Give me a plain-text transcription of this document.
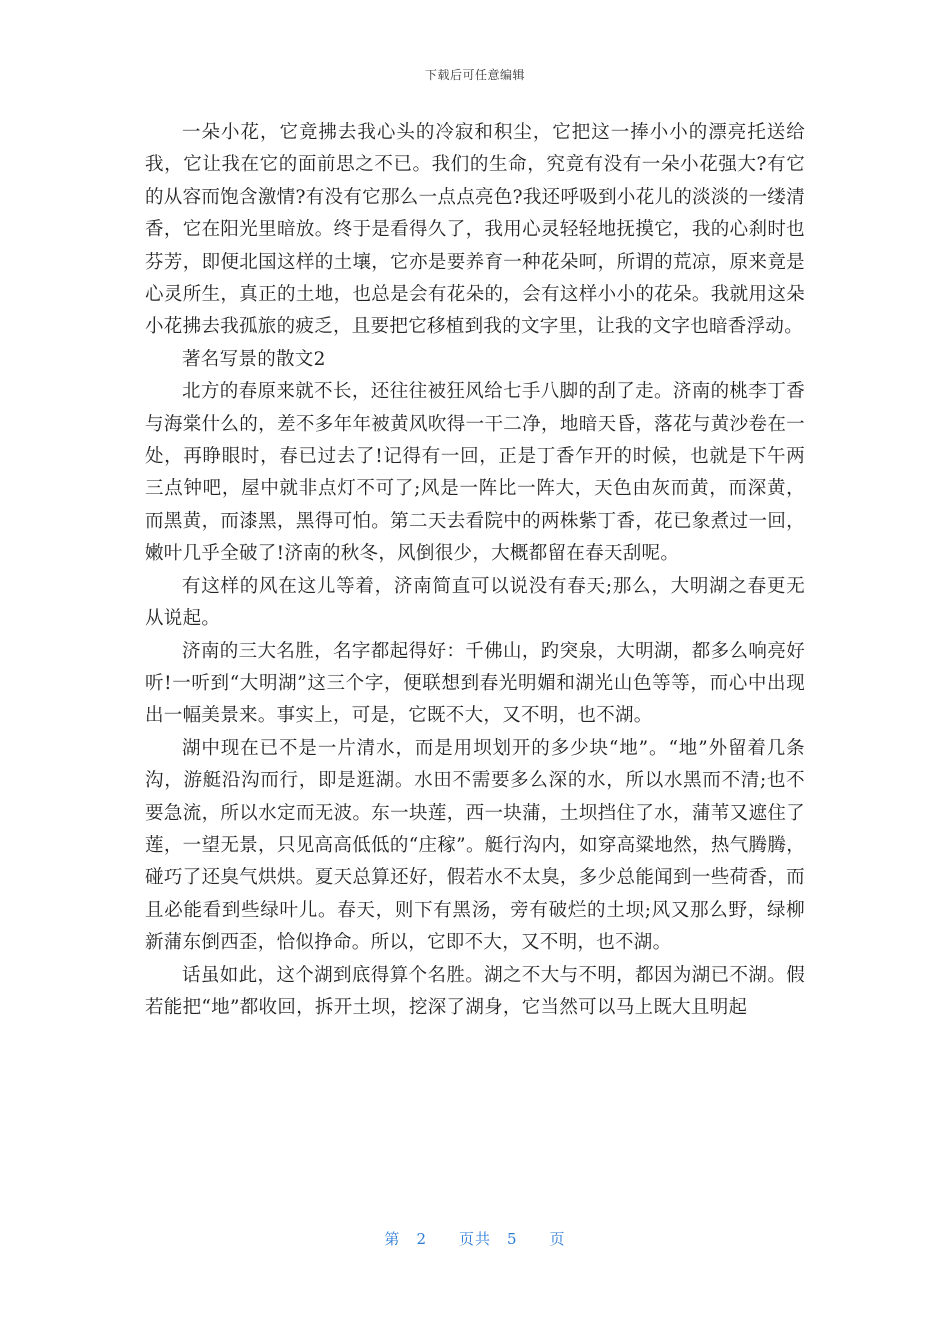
下载后可任意编辑

一朵小花，它竟拂去我心头的冷寂和积尘，它把这一捧小小的漂亮托送给我，它让我在它的面前思之不已。我们的生命，究竟有没有一朵小花强大?有它的从容而饱含激情?有没有它那么一点点亮色?我还呼吸到小花儿的淡淡的一缕清香，它在阳光里暗放。终于是看得久了，我用心灵轻轻地抚摸它，我的心刹时也芬芳，即便北国这样的土壤，它亦是要养育一种花朵呵，所谓的荒凉，原来竟是心灵所生，真正的土地，也总是会有花朵的，会有这样小小的花朵。我就用这朵小花拂去我孤旅的疲乏，且要把它移植到我的文字里，让我的文字也暗香浮动。

著名写景的散文2

北方的春原来就不长，还往往被狂风给七手八脚的刮了走。济南的桃李丁香与海棠什么的，差不多年年被黄风吹得一干二净，地暗天昏，落花与黄沙卷在一处，再睁眼时，春已过去了!记得有一回，正是丁香乍开的时候，也就是下午两三点钟吧，屋中就非点灯不可了;风是一阵比一阵大，天色由灰而黄，而深黄，而黑黄，而漆黑，黑得可怕。第二天去看院中的两株紫丁香，花已象煮过一回，嫩叶几乎全破了!济南的秋冬，风倒很少，大概都留在春天刮呢。

有这样的风在这儿等着，济南简直可以说没有春天;那么，大明湖之春更无从说起。

济南的三大名胜，名字都起得好：千佛山，趵突泉，大明湖，都多么响亮好听!一听到“大明湖”这三个字，便联想到春光明媚和湖光山色等等，而心中出现出一幅美景来。事实上，可是，它既不大，又不明，也不湖。

湖中现在已不是一片清水，而是用坝划开的多少块“地”。“地”外留着几条沟，游艇沿沟而行，即是逛湖。水田不需要多么深的水，所以水黑而不清;也不要急流，所以水定而无波。东一块莲，西一块蒲，土坝挡住了水，蒲苇又遮住了莲，一望无景，只见高高低低的“庄稼”。艇行沟内，如穿高粱地然，热气腾腾，碰巧了还臭气烘烘。夏天总算还好，假若水不太臭，多少总能闻到一些荷香，而且必能看到些绿叶儿。春天，则下有黑汤，旁有破烂的土坝;风又那么野，绿柳新蒲东倒西歪，恰似挣命。所以，它即不大，又不明，也不湖。

话虽如此，这个湖到底得算个名胜。湖之不大与不明，都因为湖已不湖。假若能把“地”都收回，拆开土坝，挖深了湖身，它当然可以马上既大且明起

第 2 页共 5 页
